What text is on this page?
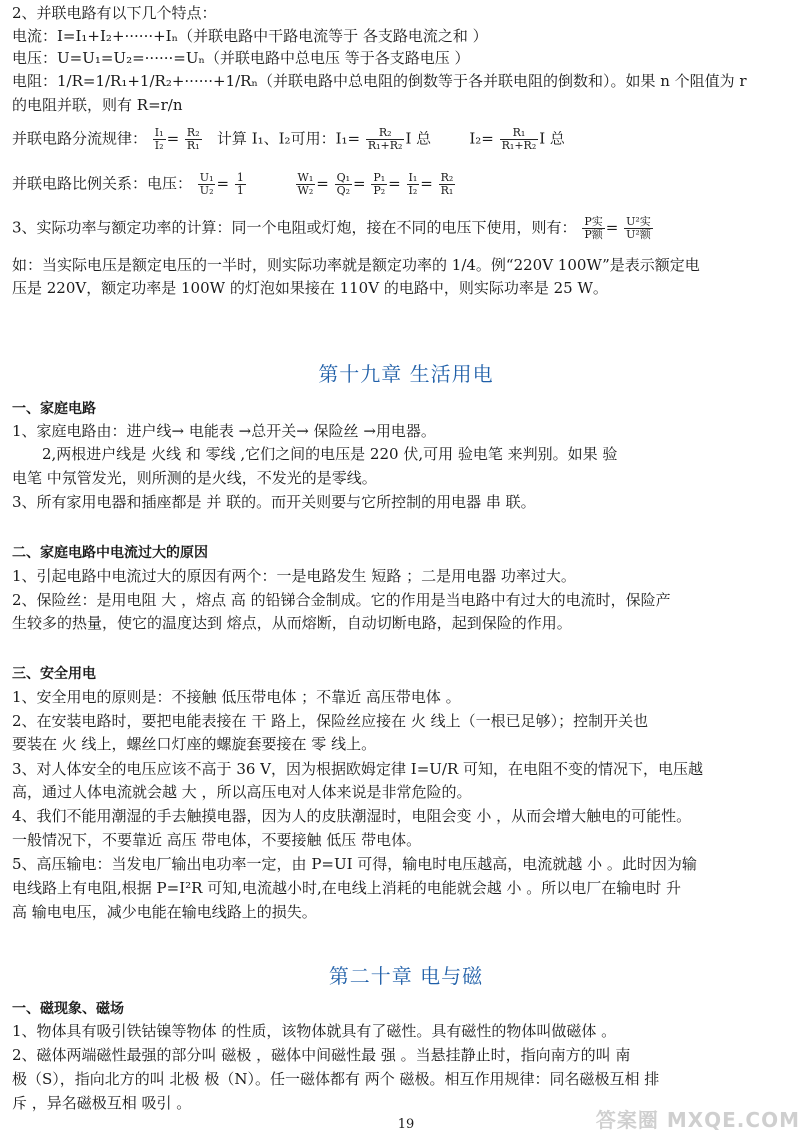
2、并联电路有以下几个特点：
电流：I=I₁+I₂+······+Iₙ（并联电路中干路电流等于 各支路电流之和 ）
电压：U=U₁=U₂=······=Uₙ（并联电路中总电压 等于各支路电压 ）
电阻：1/R=1/R₁+1/R₂+······+1/Rₙ（并联电路中总电阻的倒数等于各并联电阻的倒数和）。如果 n 个阻值为 r
的电阻并联，则有 R=r/n
并联电路分流规律： $\frac{\text{I₁}}{\text{I₂}} = \frac{\text{R₂}}{\text{R₁}}$ 计算 I₁、I₂可用：$I_1= \frac{\text{R₂}}{\text{R₁+R₂}}$ I 总	$I_2= \frac{\text{R₁}}{\text{R₁+R₂}}$ I 总
并联电路比例关系：电压： $\frac{\text{U₁}}{\text{U₂}} = \frac{1}{1}$
	$\frac{\text{W₁}}{\text{W₂}} = \frac{\text{Q₁}}{\text{Q₂}} = \frac{\text{P₁}}{\text{P₂}} = \frac{\text{I₁}}{\text{I₂}} = \frac{\text{R₂}}{\text{R₁}}$
3、实际功率与额定功率的计算：同一个电阻或灯炮，接在不同的电压下使用，则有： $\frac{\text{P实}}{\text{P额}} = \frac{\text{U²实}}{\text{U²额}}$
如：当实际电压是额定电压的一半时，则实际功率就是额定功率的 1/4。例“220V 100W”是表示额定电
压是 220V，额定功率是 100W 的灯泡如果接在 110V 的电路中，则实际功率是 25 W。
第十九章 生活用电
一、家庭电路
1、家庭电路由：进户线→ 电能表 →总开关→ 保险丝 →用电器。
2,两根进户线是 火线 和 零线 ,它们之间的电压是 220 伏,可用 验电笔 来判别。如果 验
电笔 中氖管发光，则所测的是火线，不发光的是零线。
3、所有家用电器和插座都是 并 联的。而开关则要与它所控制的用电器 串 联。
二、家庭电路中电流过大的原因
1、引起电路中电流过大的原因有两个：一是电路发生 短路 ；二是用电器 功率过大。
2、保险丝：是用电阻 大 ，熔点 高 的铅锑合金制成。它的作用是当电路中有过大的电流时，保险产
生较多的热量，使它的温度达到 熔点，从而熔断，自动切断电路，起到保险的作用。
三、安全用电
1、安全用电的原则是：不接触 低压带电体 ；不靠近 高压带电体 。
2、在安装电路时，要把电能表接在 干 路上，保险丝应接在 火 线上（一根已足够）；控制开关也
要装在 火 线上，螺丝口灯座的螺旋套要接在 零 线上。
3、对人体安全的电压应该不高于 36 V，因为根据欧姆定律 I=U/R 可知，在电阻不变的情况下，电压越
高，通过人体电流就会越 大 ，所以高压电对人体来说是非常危险的。
4、我们不能用潮湿的手去触摸电器，因为人的皮肤潮湿时，电阻会变 小 ，从而会增大触电的可能性。
一般情况下，不要靠近 高压 带电体，不要接触 低压 带电体。
5、高压输电：当发电厂输出电功率一定，由 P=UI 可得，输电时电压越高，电流就越 小 。此时因为输
电线路上有电阻,根据 P=I²R 可知,电流越小时,在电线上消耗的电能就会越 小 。所以电厂在输电时 升
高 输电电压，减少电能在输电线路上的损失。
第二十章 电与磁
一、磁现象、磁场
1、物体具有吸引铁钴镍等物体 的性质，该物体就具有了磁性。具有磁性的物体叫做磁体 。
2、磁体两端磁性最强的部分叫 磁极 ，磁体中间磁性最 强 。当悬挂静止时，指向南方的叫 南
极（S），指向北方的叫 北极 极（N）。任一磁体都有 两个 磁极。相互作用规律：同名磁极互相 排
斥 ，异名磁极互相 吸引 。
19	答案圈 MXQE.COM
